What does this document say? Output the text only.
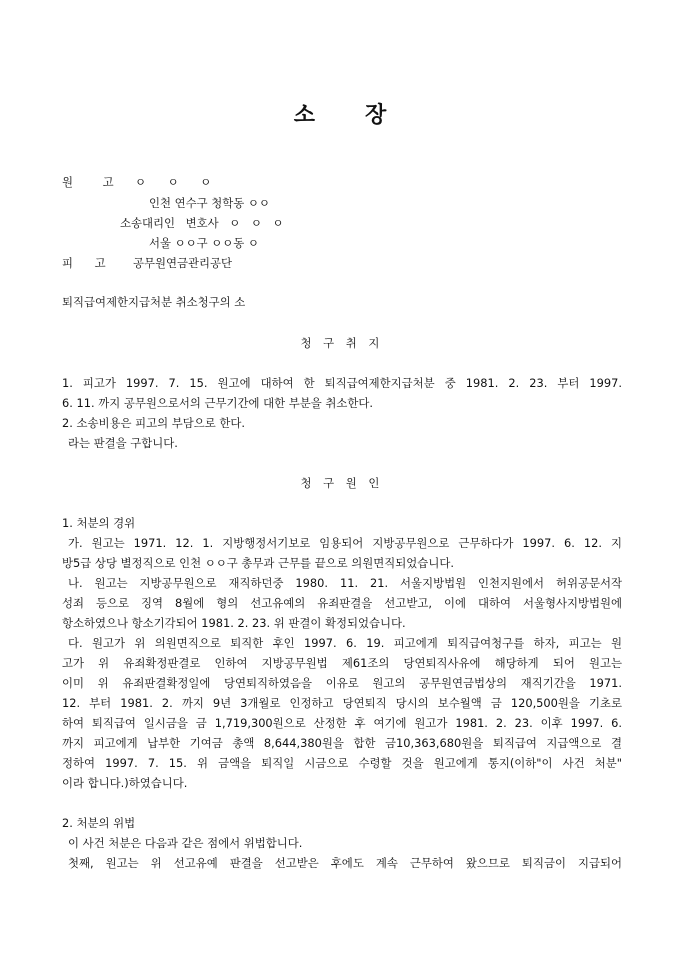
소 장
원 고 ㅇ ㅇ ㅇ
인천 연수구 청학동 ㅇㅇ
소송대리인 변호사 ㅇ ㅇ ㅇ
서울 ㅇㅇ구 ㅇㅇ동 ㅇ
피 고 공무원연금관리공단
퇴직급여제한지급처분 취소청구의 소
청 구 취 지
1. 피고가 1997. 7. 15. 원고에 대하여 한 퇴직급여제한지급처분 중 1981. 2. 23. 부터 1997.
6. 11. 까지 공무원으로서의 근무기간에 대한 부분을 취소한다.
2. 소송비용은 피고의 부담으로 한다.
라는 판결을 구합니다.
청 구 원 인
1. 처분의 경위
가. 원고는 1971. 12. 1. 지방행정서기보로 임용되어 지방공무원으로 근무하다가 1997. 6. 12. 지
방5급 상당 별정직으로 인천 ㅇㅇ구 총무과 근무를 끝으로 의원면직되었습니다.
나. 원고는 지방공무원으로 재직하던중 1980. 11. 21. 서울지방법원 인천지원에서 허위공문서작
성죄 등으로 징역 8월에 형의 선고유예의 유죄판결을 선고받고, 이에 대하여 서울형사지방법원에
항소하였으나 항소기각되어 1981. 2. 23. 위 판결이 확정되었습니다.
다. 원고가 위 의원면직으로 퇴직한 후인 1997. 6. 19. 피고에게 퇴직급여청구를 하자, 피고는 원
고가 위 유죄확정판결로 인하여 지방공무원법 제61조의 당연퇴직사유에 해당하게 되어 원고는
이미 위 유죄판결확정일에 당연퇴직하였음을 이유로 원고의 공무원연금법상의 재직기간을 1971.
12. 부터 1981. 2. 까지 9년 3개월로 인정하고 당연퇴직 당시의 보수월액 금 120,500원을 기초로
하여 퇴직급여 일시금을 금 1,719,300원으로 산정한 후 여기에 원고가 1981. 2. 23. 이후 1997. 6.
까지 피고에게 납부한 기여금 총액 8,644,380원을 합한 금10,363,680원을 퇴직급여 지급액으로 결
정하여 1997. 7. 15. 위 금액을 퇴직일 시금으로 수령할 것을 원고에게 통지(이하"이 사건 처분"
이라 합니다.)하였습니다.
2. 처분의 위법
이 사건 처분은 다음과 같은 점에서 위법합니다.
첫째, 원고는 위 선고유예 판결을 선고받은 후에도 계속 근무하여 왔으므로 퇴직금이 지급되어
